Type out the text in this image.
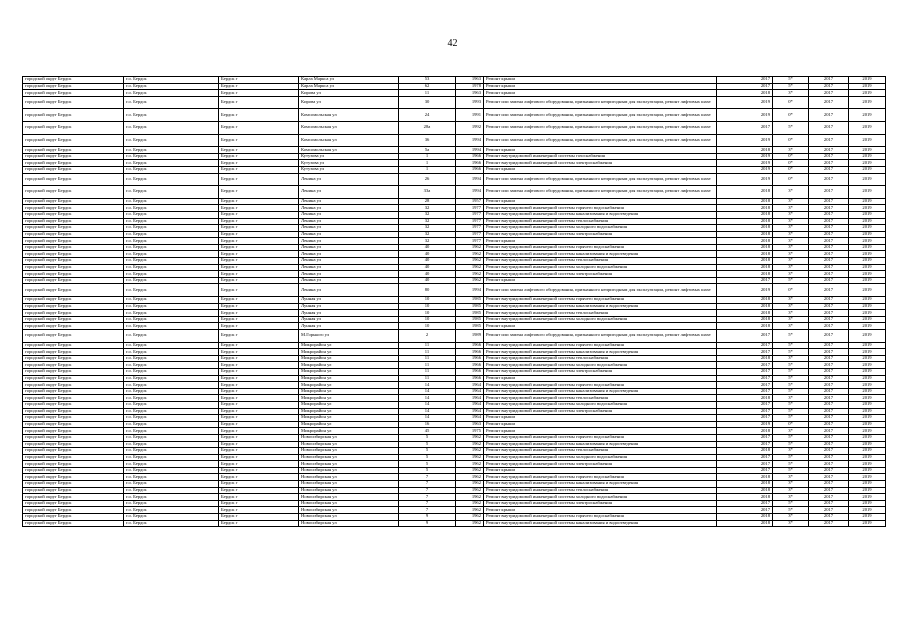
42
городской округ Бердск	г.о. Бердск	Бердск г	Карла Маркса ул	53	1963	Ремонт крыши	2017	5*	2017	2019
городской округ Бердск	г.о. Бердск	Бердск г	Карла Маркса ул	62	1978	Ремонт крыши	2017	5*	2017	2019
городской округ Бердск	г.о. Бердск	Бердск г	Кирова ул	11	1963	Ремонт крыши	2018	3*	2017	2019
городской округ Бердск	г.о. Бердск	Бердск г	Кирова ул	30	1993	Ремонт или замена лифтового оборудования, признанного непригодным для эксплуатации, ремонт лифтовых шахт	2019	0*	2017	2019
городской округ Бердск	г.о. Бердск	Бердск г	Комсомольская ул	24	1991	Ремонт или замена лифтового оборудования, признанного непригодным для эксплуатации, ремонт лифтовых шахт	2019	0*	2017	2019
городской округ Бердск	г.о. Бердск	Бердск г	Комсомольская ул	28а	1992	Ремонт или замена лифтового оборудования, признанного непригодным для эксплуатации, ремонт лифтовых шахт	2017	5*	2017	2019
городской округ Бердск	г.о. Бердск	Бердск г	Комсомольская ул	36	1994	Ремонт или замена лифтового оборудования, признанного непригодным для эксплуатации, ремонт лифтовых шахт	2019	0*	2017	2019
городской округ Бердск	г.о. Бердск	Бердск г	Комсомольская ул	5а	1994	Ремонт крыши	2018	3*	2017	2019
городской округ Бердск	г.о. Бердск	Бердск г	Кутузова ул	1	1966	Ремонт внутридомовой инженерной системы газоснабжения	2019	0*	2017	2019
городской округ Бердск	г.о. Бердск	Бердск г	Кутузова ул	1	1966	Ремонт внутридомовой инженерной системы электроснабжения	2019	0*	2017	2019
городской округ Бердск	г.о. Бердск	Бердск г	Кутузова ул	1	1966	Ремонт крыши	2019	0*	2017	2019
городской округ Бердск	г.о. Бердск	Бердск г	Ленина ул	26	1994	Ремонт или замена лифтового оборудования, признанного непригодным для эксплуатации, ремонт лифтовых шахт	2019	0*	2017	2019
городской округ Бердск	г.о. Бердск	Бердск г	Ленина ул	33а	1994	Ремонт или замена лифтового оборудования, признанного непригодным для эксплуатации, ремонт лифтовых шахт	2018	3*	2017	2019
городской округ Бердск	г.о. Бердск	Бердск г	Ленина ул	28	1957	Ремонт крыши	2018	3*	2017	2019
городской округ Бердск	г.о. Бердск	Бердск г	Ленина ул	32	1977	Ремонт внутридомовой инженерной системы горячего водоснабжения	2018	3*	2017	2019
городской округ Бердск	г.о. Бердск	Бердск г	Ленина ул	32	1977	Ремонт внутридомовой инженерной системы канализования и водоотведения	2018	3*	2017	2019
городской округ Бердск	г.о. Бердск	Бердск г	Ленина ул	32	1977	Ремонт внутридомовой инженерной системы теплоснабжения	2018	3*	2017	2019
городской округ Бердск	г.о. Бердск	Бердск г	Ленина ул	32	1977	Ремонт внутридомовой инженерной системы холодного водоснабжения	2018	3*	2017	2019
городской округ Бердск	г.о. Бердск	Бердск г	Ленина ул	32	1977	Ремонт внутридомовой инженерной системы электроснабжения	2018	3*	2017	2019
городской округ Бердск	г.о. Бердск	Бердск г	Ленина ул	32	1977	Ремонт крыши	2018	3*	2017	2019
городской округ Бердск	г.о. Бердск	Бердск г	Ленина ул	40	1962	Ремонт внутридомовой инженерной системы горячего водоснабжения	2018	3*	2017	2019
городской округ Бердск	г.о. Бердск	Бердск г	Ленина ул	40	1962	Ремонт внутридомовой инженерной системы канализования и водоотведения	2018	3*	2017	2019
городской округ Бердск	г.о. Бердск	Бердск г	Ленина ул	40	1962	Ремонт внутридомовой инженерной системы теплоснабжения	2018	3*	2017	2019
городской округ Бердск	г.о. Бердск	Бердск г	Ленина ул	40	1962	Ремонт внутридомовой инженерной системы холодного водоснабжения	2018	3*	2017	2019
городской округ Бердск	г.о. Бердск	Бердск г	Ленина ул	40	1962	Ремонт внутридомовой инженерной системы электроснабжения	2018	3*	2017	2019
городской округ Бердск	г.о. Бердск	Бердск г	Ленина ул	40	1962	Ремонт крыши	2017	5*	2017	2019
городской округ Бердск	г.о. Бердск	Бердск г	Ленина ул	80	1994	Ремонт или замена лифтового оборудования, признанного непригодным для эксплуатации, ремонт лифтовых шахт	2019	0*	2017	2019
городской округ Бердск	г.о. Бердск	Бердск г	Лунная ул	10	1985	Ремонт внутридомовой инженерной системы горячего водоснабжения	2018	3*	2017	2019
городской округ Бердск	г.о. Бердск	Бердск г	Лунная ул	10	1985	Ремонт внутридомовой инженерной системы канализования и водоотведения	2018	3*	2017	2019
городской округ Бердск	г.о. Бердск	Бердск г	Лунная ул	10	1985	Ремонт внутридомовой инженерной системы теплоснабжения	2018	3*	2017	2019
городской округ Бердск	г.о. Бердск	Бердск г	Лунная ул	10	1985	Ремонт внутридомовой инженерной системы холодного водоснабжения	2018	3*	2017	2019
городской округ Бердск	г.о. Бердск	Бердск г	Лунная ул	10	1985	Ремонт крыши	2018	3*	2017	2019
городской округ Бердск	г.о. Бердск	Бердск г	М.Горького ул	2	1989	Ремонт или замена лифтового оборудования, признанного непригодным для эксплуатации, ремонт лифтовых шахт	2017	5*	2017	2019
городской округ Бердск	г.о. Бердск	Бердск г	Микрорайон ул	11	1966	Ремонт внутридомовой инженерной системы горячего водоснабжения	2017	5*	2017	2019
городской округ Бердск	г.о. Бердск	Бердск г	Микрорайон ул	11	1966	Ремонт внутридомовой инженерной системы канализования и водоотведения	2017	5*	2017	2019
городской округ Бердск	г.о. Бердск	Бердск г	Микрорайон ул	11	1966	Ремонт внутридомовой инженерной системы теплоснабжения	2018	3*	2017	2019
городской округ Бердск	г.о. Бердск	Бердск г	Микрорайон ул	11	1966	Ремонт внутридомовой инженерной системы холодного водоснабжения	2017	5*	2017	2019
городской округ Бердск	г.о. Бердск	Бердск г	Микрорайон ул	11	1966	Ремонт внутридомовой инженерной системы электроснабжения	2017	5*	2017	2019
городской округ Бердск	г.о. Бердск	Бердск г	Микрорайон ул	11	1966	Ремонт крыши	2017	5*	2017	2019
городской округ Бердск	г.о. Бердск	Бердск г	Микрорайон ул	14	1964	Ремонт внутридомовой инженерной системы горячего водоснабжения	2017	5*	2017	2019
городской округ Бердск	г.о. Бердск	Бердск г	Микрорайон ул	14	1964	Ремонт внутридомовой инженерной системы канализования и водоотведения	2017	5*	2017	2019
городской округ Бердск	г.о. Бердск	Бердск г	Микрорайон ул	14	1964	Ремонт внутридомовой инженерной системы теплоснабжения	2018	3*	2017	2019
городской округ Бердск	г.о. Бердск	Бердск г	Микрорайон ул	14	1964	Ремонт внутридомовой инженерной системы холодного водоснабжения	2017	5*	2017	2019
городской округ Бердск	г.о. Бердск	Бердск г	Микрорайон ул	14	1964	Ремонт внутридомовой инженерной системы электроснабжения	2017	5*	2017	2019
городской округ Бердск	г.о. Бердск	Бердск г	Микрорайон ул	14	1964	Ремонт крыши	2017	5*	2017	2019
городской округ Бердск	г.о. Бердск	Бердск г	Микрорайон ул	16	1963	Ремонт крыши	2019	0*	2017	2019
городской округ Бердск	г.о. Бердск	Бердск г	Микрорайон ул	45	1975	Ремонт крыши	2018	3*	2017	2019
городской округ Бердск	г.о. Бердск	Бердск г	Новосибирская ул	5	1962	Ремонт внутридомовой инженерной системы горячего водоснабжения	2017	5*	2017	2019
городской округ Бердск	г.о. Бердск	Бердск г	Новосибирская ул	5	1962	Ремонт внутридомовой инженерной системы канализования и водоотведения	2017	5*	2017	2019
городской округ Бердск	г.о. Бердск	Бердск г	Новосибирская ул	5	1962	Ремонт внутридомовой инженерной системы теплоснабжения	2018	3*	2017	2019
городской округ Бердск	г.о. Бердск	Бердск г	Новосибирская ул	5	1962	Ремонт внутридомовой инженерной системы холодного водоснабжения	2017	5*	2017	2019
городской округ Бердск	г.о. Бердск	Бердск г	Новосибирская ул	5	1962	Ремонт внутридомовой инженерной системы электроснабжения	2017	5*	2017	2019
городской округ Бердск	г.о. Бердск	Бердск г	Новосибирская ул	5	1962	Ремонт крыши	2017	5*	2017	2019
городской округ Бердск	г.о. Бердск	Бердск г	Новосибирская ул	7	1962	Ремонт внутридомовой инженерной системы горячего водоснабжения	2018	3*	2017	2019
городской округ Бердск	г.о. Бердск	Бердск г	Новосибирская ул	7	1962	Ремонт внутридомовой инженерной системы канализования и водоотведения	2018	3*	2017	2019
городской округ Бердск	г.о. Бердск	Бердск г	Новосибирская ул	7	1962	Ремонт внутридомовой инженерной системы теплоснабжения	2018	3*	2017	2019
городской округ Бердск	г.о. Бердск	Бердск г	Новосибирская ул	7	1962	Ремонт внутридомовой инженерной системы холодного водоснабжения	2018	3*	2017	2019
городской округ Бердск	г.о. Бердск	Бердск г	Новосибирская ул	7	1962	Ремонт внутридомовой инженерной системы электроснабжения	2017	5*	2017	2019
городской округ Бердск	г.о. Бердск	Бердск г	Новосибирская ул	7	1962	Ремонт крыши	2017	5*	2017	2019
городской округ Бердск	г.о. Бердск	Бердск г	Новосибирская ул	9	1962	Ремонт внутридомовой инженерной системы горячего водоснабжения	2018	3*	2017	2019
городской округ Бердск	г.о. Бердск	Бердск г	Новосибирская ул	9	1962	Ремонт внутридомовой инженерной системы канализования и водоотведения	2018	3*	2017	2019
